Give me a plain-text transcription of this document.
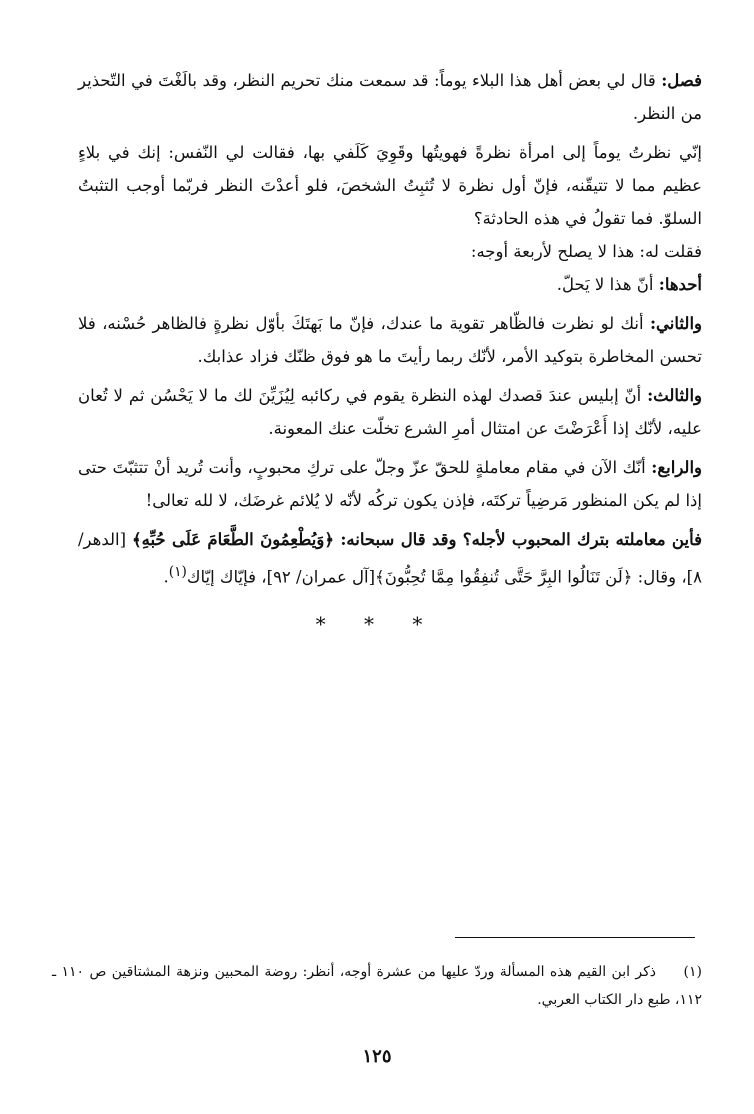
فصل: قال لي بعض أهل هذا البلاء يوماً: قد سمعت منك تحريم النظر، وقد بالَغْتَ في التّحذير من النظر.

إنّي نظرتُ يوماً إلى امرأة نظرةً فهويتُها وقَوِيَ كَلَفي بها، فقالت لي النّفس: إنك في بلاءٍ عظيم مما لا تتيقّنه، فإنّ أول نظرة لا تُثبِتُ الشخصَ، فلو أعدْتَ النظر فربّما أوجب التثبتُ السلوّ. فما تقولُ في هذه الحادثة؟

فقلت له: هذا لا يصلح لأربعة أوجه:

أحدها: أنّ هذا لا يَحلّ.

والثاني: أنك لو نظرت فالظّاهر تقوية ما عندك، فإنّ ما بَهتَكَ بأوّل نظرةٍ فالظاهر حُسْنه، فلا تحسن المخاطرة بتوكيد الأمر، لأنّك ربما رأيتَ ما هو فوق ظنّك فزاد عذابك.

والثالث: أنّ إبليس عندَ قصدك لهذه النظرة يقوم في ركائبه لِيُزَيِّنَ لك ما لا يَحْسُن ثم لا تُعان عليه، لأنّك إذا أَعْرَضْتَ عن امتثال أمرِ الشرع تخلّت عنك المعونة.

والرابع: أنّك الآن في مقام معاملةٍ للحقّ عزّ وجلّ على تركِ محبوبٍ، وأنت تُريد أنْ تتثبّتَ حتى إذا لم يكن المنظور مَرضِياً تركتَه، فإذن يكون تركُه لأنّه لا يُلائم غرضَك، لا لله تعالى!

فأين معاملته بترك المحبوب لأجله؟ وقد قال سبحانه: ﴿وَيُطْعِمُونَ الطَّعَامَ عَلَى حُبِّهِ﴾ [الدهر/٨]، وقال: ﴿لَن تَنَالُوا البِرَّ حَتَّى تُنفِقُوا مِمَّا تُحِبُّونَ﴾[آل عمران/ ٩٢]، فإيّاك إيّاك$^{(١)}$.

* * *
(١)ذكر ابن القيم هذه المسألة وردّ عليها من عشرة أوجه، أنظر: روضة المحبين ونزهة المشتاقين ص ١١٠ ـ ١١٢، طبع دار الكتاب العربي.
١٢٥
